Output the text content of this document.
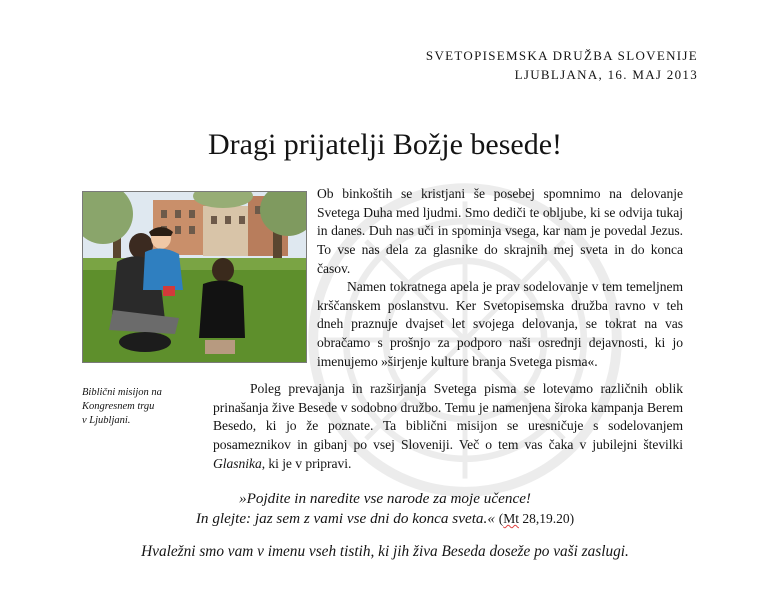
SVETOPISEMSKA DRUŽBA SLOVENIJE
LJUBLJANA, 16. MAJ 2013
Dragi prijatelji Božje besede!
Biblični misijon na
Kongresnem trgu
v Ljubljani.

Ob binkoštih se kristjani še posebej spomnimo na delovanje Svetega Duha med ljudmi. Smo dediči te obljube, ki se odvija tukaj in danes. Duh nas uči in spominja vsega, kar nam je povedal Jezus. To vse nas dela za glasnike do skrajnih mej sveta in do konca časov.

Namen tokratnega apela je prav sodelovanje v tem temeljnem krščanskem poslanstvu. Ker Svetopisemska družba ravno v teh dneh praznuje dvajset let svojega delovanja, se tokrat na vas obračamo s prošnjo za podporo naši osrednji dejavnosti, ki jo imenujemo »širjenje kulture branja Svetega pisma«.

Poleg prevajanja in razširjanja Svetega pisma se lotevamo različnih oblik prinašanja žive Besede v sodobno družbo. Temu je namenjena široka kampanja Berem Besedo, ki jo že poznate. Ta biblični misijon se uresničuje s sodelovanjem posameznikov in gibanj po vsej Sloveniji. Več o tem vas čaka v jubilejni številki Glasnika, ki je v pripravi.

»Pojdite in naredite vse narode za moje učence!
In glejte: jaz sem z vami vse dni do konca sveta.« (Mt 28,19.20)
Hvaležni smo vam v imenu vseh tistih, ki jih živa Beseda doseže po vaši zaslugi.
